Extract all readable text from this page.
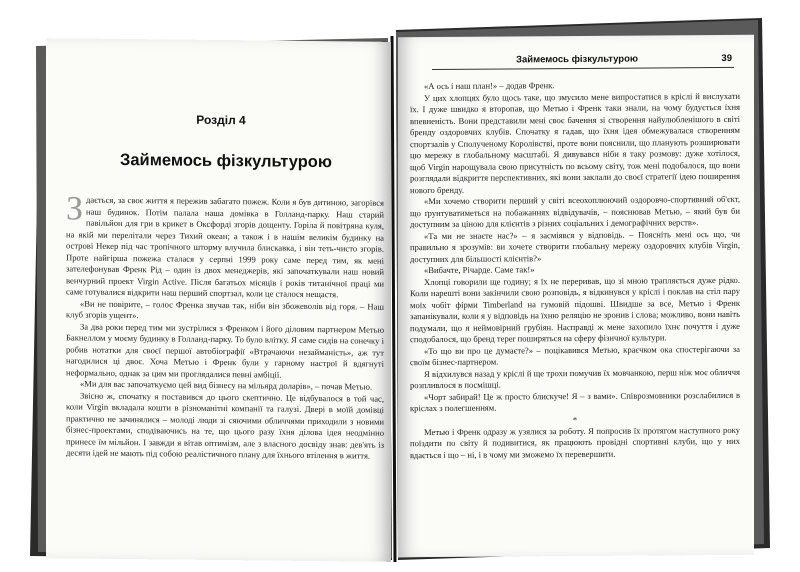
Розділ 4
Займемось фізкультурою

Здається, за своє життя я пережив забагато пожеж. Коли я був дитиною, загорівся наш будинок. Потім палала наша домівка в Голланд-парку. Наш старий павільйон для гри в крикет в Оксфорді згорів дощенту. Горіла й повітряна куля, на якій ми перелітали через Тихий океан; а також і в нашім великім будинку на острові Некер під час тропічного шторму влучила блискавка, і він теть-чисто згорів. Проте найгірша пожежа сталася у серпні 1999 року саме перед тим, як мені зателефонував Френк Рід – один із двох менеджерів, які започаткували наш новий венчурний проект Virgin Active. Після багатьох місяців і років титанічної праці ми саме готувалися відкрити наш перший спортзал, коли це сталося нещастя.

«Ви не повірите, – голос Френка звучав так, ніби він збожеволів від горя. – Наш клуб згорів ущент».

За два роки перед тим ми зустрілися з Френком і його діловим партнером Метью Бакнеллом у моєму будинку в Голланд-парку. То було влітку. Я саме сидів на сонечку і робив нотатки для своєї першої автобіографії «Втрачаючи незайманість», аж тут нагодилися ці двоє. Хоча Метью і Френк були у гарному настрої й вдягнуті неформально, однак за цим ми проглядалися певні амбіції.

«Ми для вас започаткуємо цей вид бізнесу на мільярд доларів», – почав Метью.

Звісно ж, спочатку я поставився до цього скептично. Це відбувалося в той час, коли Virgin вкладала кошти в різноманітні компанії та галузі. Двері в моїй домівці практично не зачинялися – молоді люди зі сяючими обличчями приходили з новими бізнес-проектами, сподіваючись на те, що цього разу їхня ділова ідея неодмінно принесе їм мільйон. І завжди я вітав оптимізм, але з власного досвіду знав: дев'ять із десяти ідей не мають під собою реалістичного плану для їхнього втілення в життя.

Займемось фізкультурою	39

«А ось і наш план!» – додав Френк.

У цих хлопцях було щось таке, що змусило мене випростатися в кріслі й вислухати їх. І дуже швидко я второпав, що Метью і Френк таки знали, на чому будується їхня впевненість. Вони представили мені своє бачення зі створення найулюбленішого в світі бренду оздоровчих клубів. Спочатку я гадав, що їхня ідея обмежувалася створенням спортзалів у Сполученому Королівстві, проте вони пояснили, що планують розширювати цю мережу в глобальному масштабі. Я дивувався ніби я таку розмову: дуже хотілося, щоб Virgin нарощувала свою присутність по всьому світу, тож мені подобалося, що вони розглядали відкриття перспективних, які вони заклали до своєї стратегії ідею поширення нового бренду.

«Ми хочемо створити перший у світі всеохоплюючий оздоровчо-спортивний об'єкт, що ґрунтуватиметься на побажаннях відвідувачів, – пояснював Метью, – який був би доступним за ціною для клієнтів з різних соціальних і демографічних верств».

«Та ми не знаєте нас?» – я засміявся у відповідь. – Поясніть мені ось що, чи правильно я зрозумів: ви хочете створити глобальну мережу оздоровчих клубів Virgin, доступних для більшості клієнтів?»

«Вибачте, Річарде. Саме так!»

Хлопці говорили ще годину; я їх не переривав, що зі мною трапляється дуже рідко. Коли нарешті вони закінчили свою розповідь, я відкинувся у кріслі і поклав на стіл пару моїх чобіт фірми Timberland на гумовій підошві. Швидше за все, Метью і Френк запанікували, коли я у відповідь на їхню реляцію не зронив і слова; можливо, вони навіть подумали, що я неймовірний грубіян. Насправді ж мене захопило їхнє почуття і дуже сподобалося, що бренд теper поширяться на сферу фізичної культури.

«То що ви про це думаєте?» – поцікавився Метью, краєчком ока спостерігаючи за своїм бізнес-партнером.

Я відхилувся назад у кріслі й ще трохи помучив їх мовчанкою, перш ніж моє обличчя розпливлося в посмішці.

«Чорт забирай! Це ж просто блискуче! Я – з вами». Співрозмовники розслабилися в кріслах з полегшенням.

*

Метью і Френк одразу ж узялися за роботу. Я попросив їх протягом наступного року поїздити по світу й подивитися, як працюють провідні спортивні клуби, що у них вдається і що – ні, і в чому ми зможемо їх перевершити.
